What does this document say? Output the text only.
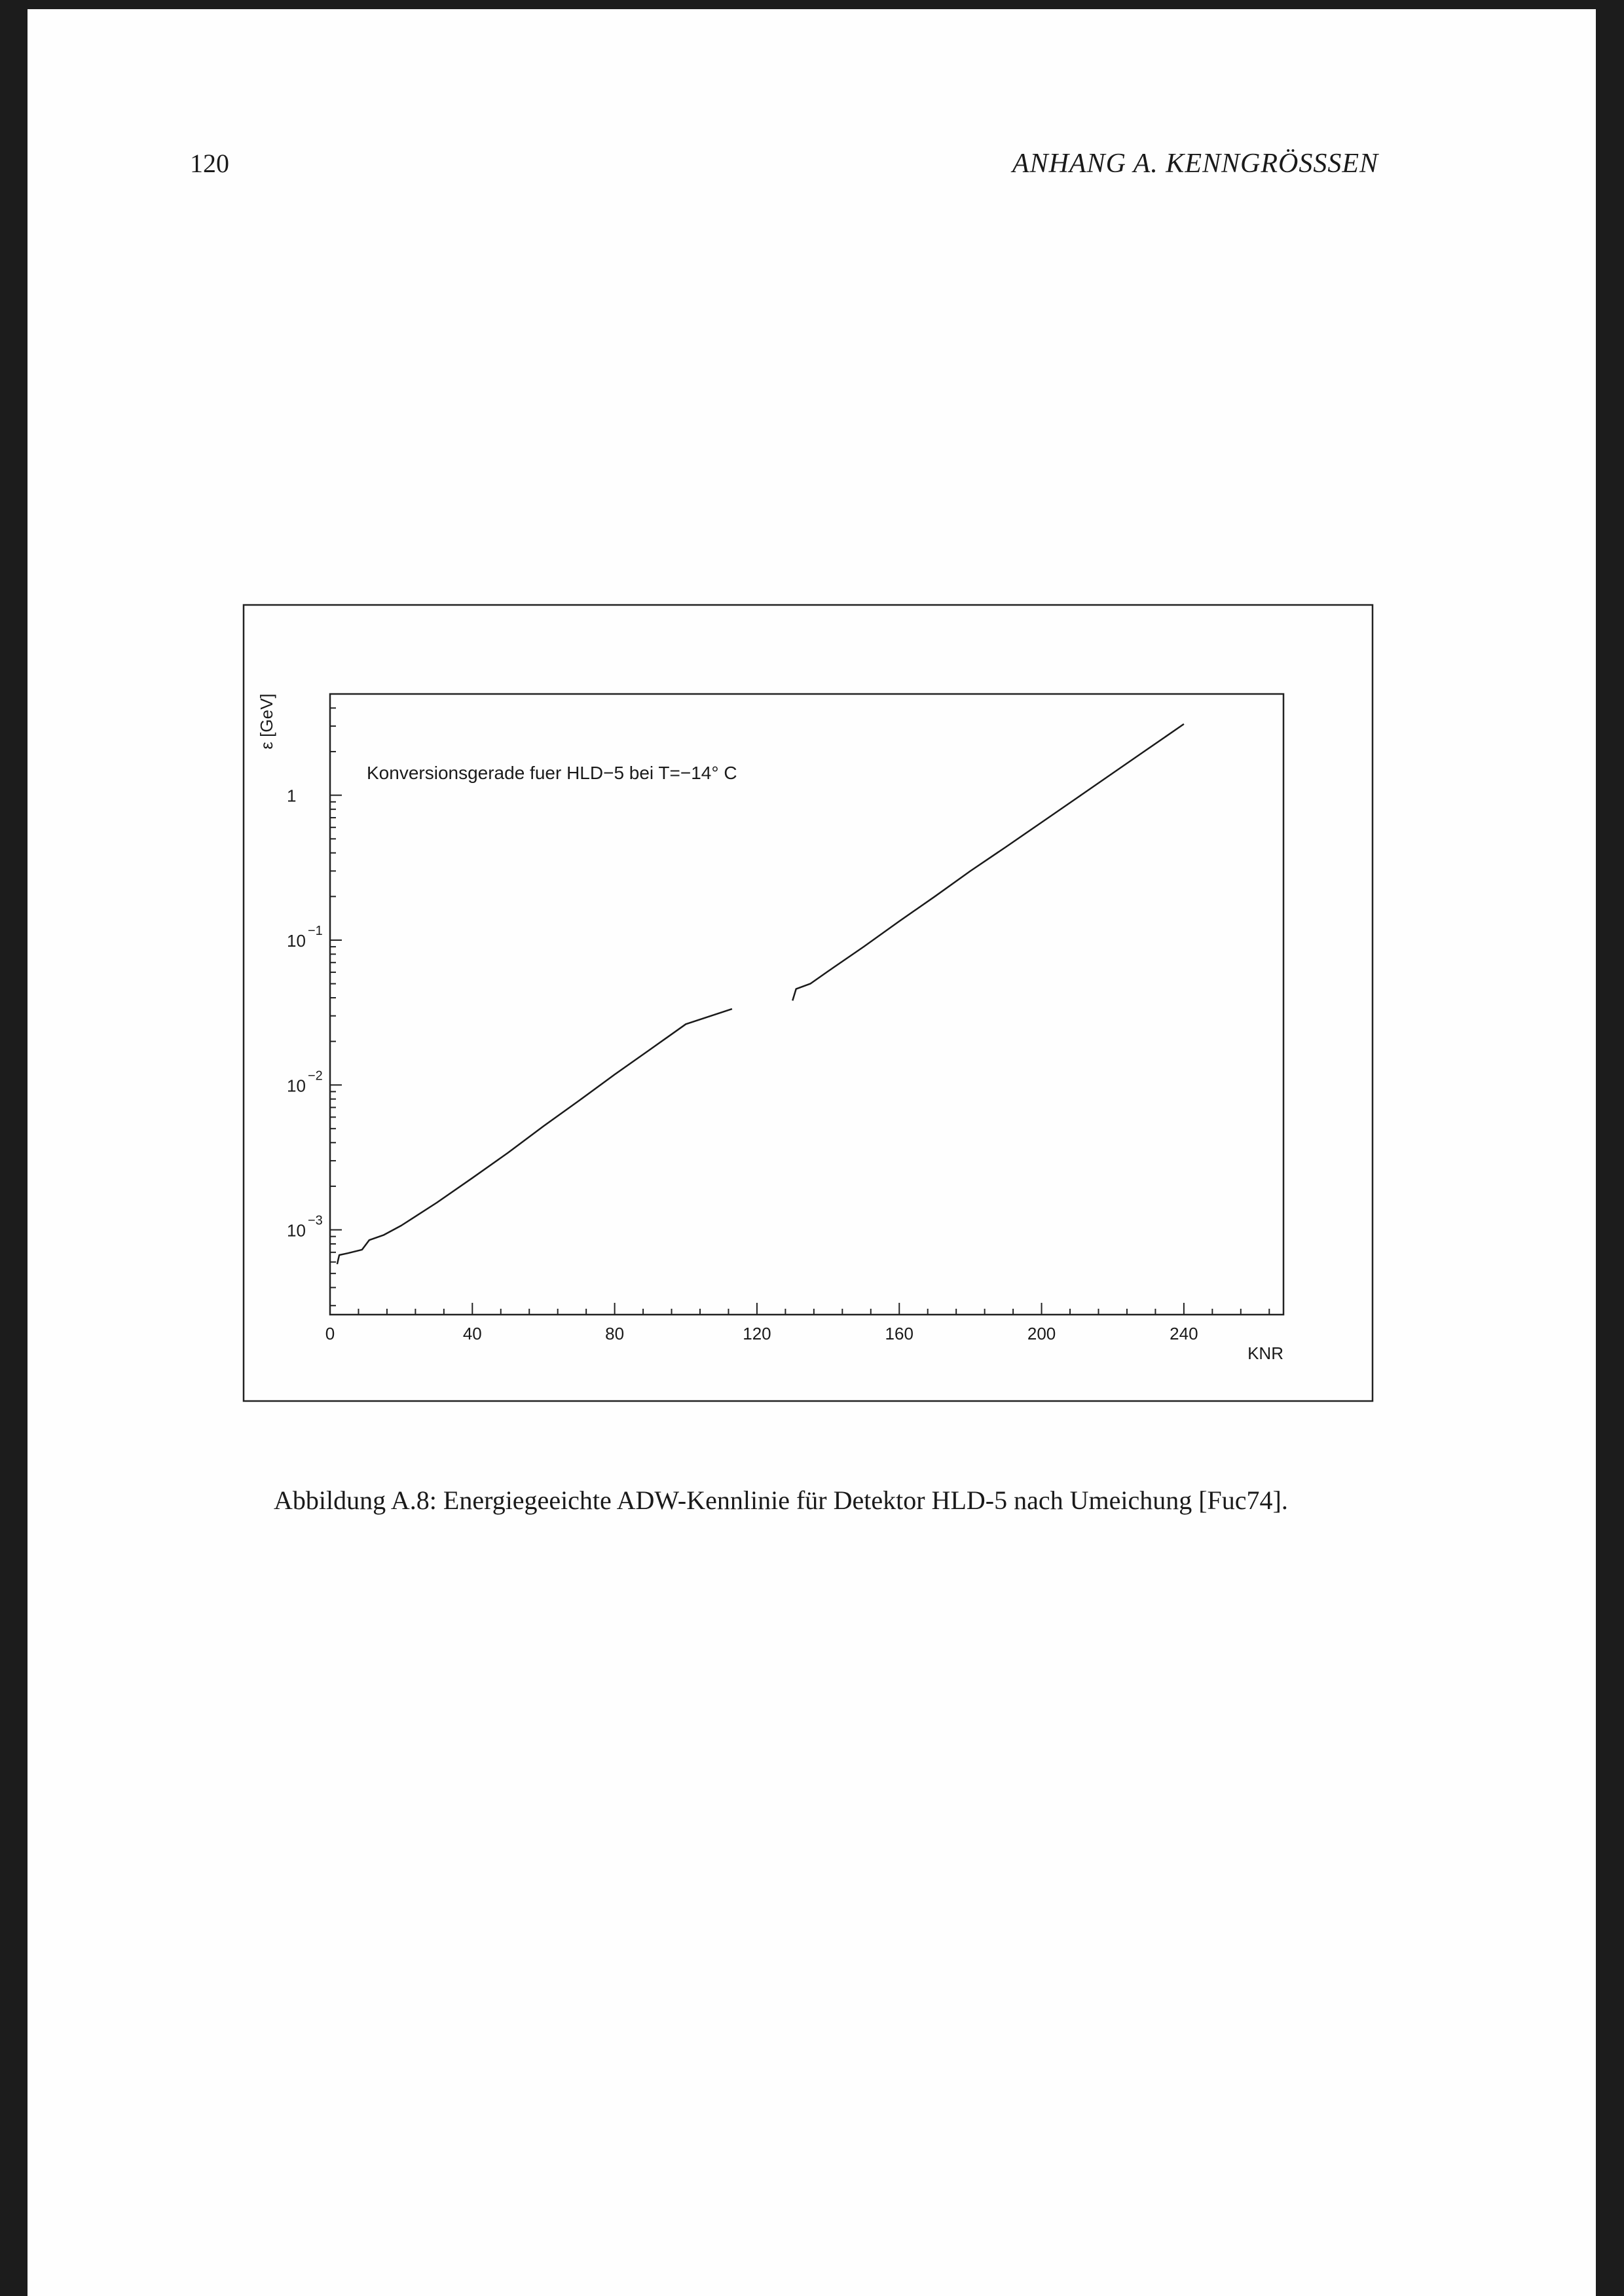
120	ANHANG A. KENNGRÖSSSEN
0	40	80	120	160	200	240
10 −3
10 −2
10 −1
1
ε [GeV]
KNR
Konversionsgerade fuer HLD−5 bei T=−14° C
Abbildung A.8: Energiegeeichte ADW-Kennlinie für Detektor HLD-5 nach Umeichung [Fuc74].
